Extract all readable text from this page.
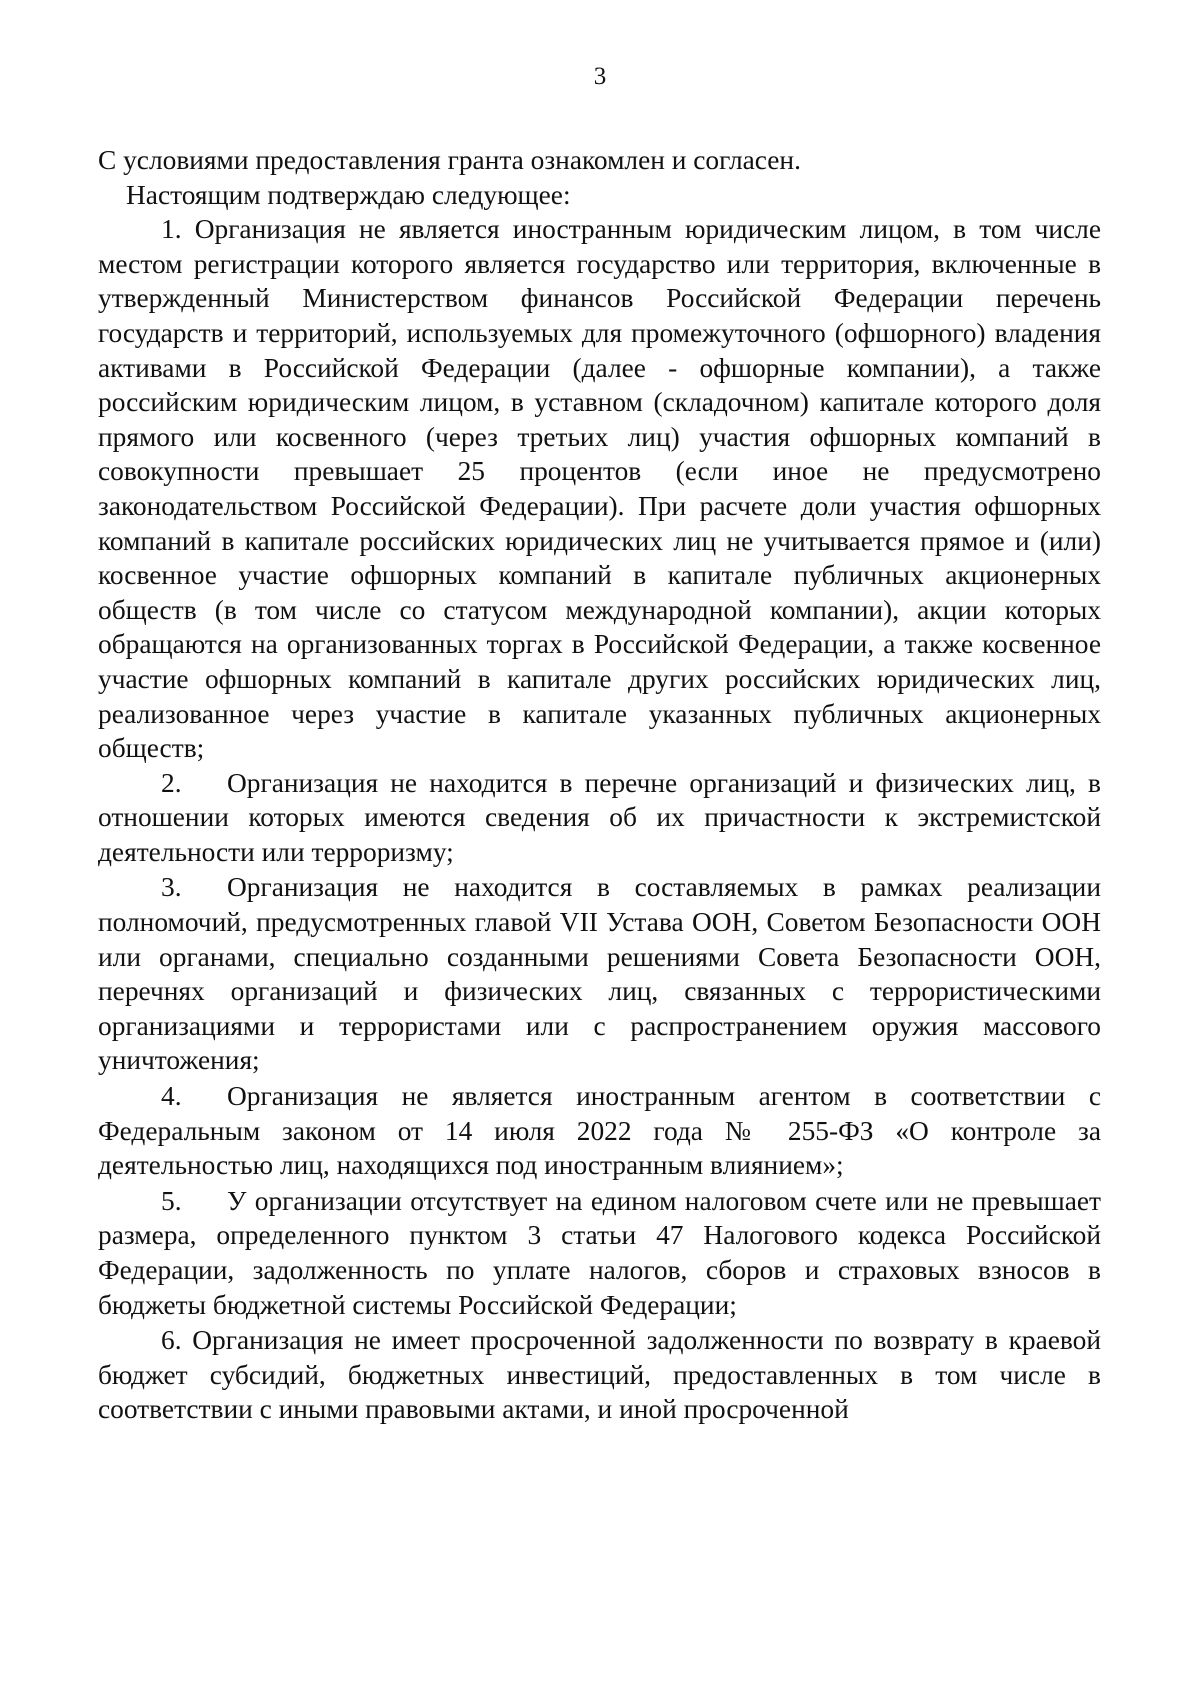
3

С условиями предоставления гранта ознакомлен и согласен.

Настоящим подтверждаю следующее:

1. Организация не является иностранным юридическим лицом, в том числе местом регистрации которого является государство или территория, включенные в утвержденный Министерством финансов Российской Федерации перечень государств и территорий, используемых для промежуточного (офшорного) владения активами в Российской Федерации (далее - офшорные компании), а также российским юридическим лицом, в уставном (складочном) капитале которого доля прямого или косвенного (через третьих лиц) участия офшорных компаний в совокупности превышает 25 процентов (если иное не предусмотрено законодательством Российской Федерации). При расчете доли участия офшорных компаний в капитале российских юридических лиц не учитывается прямое и (или) косвенное участие офшорных компаний в капитале публичных акционерных обществ (в том числе со статусом международной компании), акции которых обращаются на организованных торгах в Российской Федерации, а также косвенное участие офшорных компаний в капитале других российских юридических лиц, реализованное через участие в капитале указанных публичных акционерных обществ;

2. Организация не находится в перечне организаций и физических лиц, в отношении которых имеются сведения об их причастности к экстремистской деятельности или терроризму;

3. Организация не находится в составляемых в рамках реализации полномочий, предусмотренных главой VII Устава ООН, Советом Безопасности ООН или органами, специально созданными решениями Совета Безопасности ООН, перечнях организаций и физических лиц, связанных с террористическими организациями и террористами или с распространением оружия массового уничтожения;

4. Организация не является иностранным агентом в соответствии с Федеральным законом от 14 июля 2022 года № 255-ФЗ «О контроле за деятельностью лиц, находящихся под иностранным влиянием»;

5. У организации отсутствует на едином налоговом счете или не превышает размера, определенного пунктом 3 статьи 47 Налогового кодекса Российской Федерации, задолженность по уплате налогов, сборов и страховых взносов в бюджеты бюджетной системы Российской Федерации;

6. Организация не имеет просроченной задолженности по возврату в краевой бюджет субсидий, бюджетных инвестиций, предоставленных в том числе в соответствии с иными правовыми актами, и иной просроченной
